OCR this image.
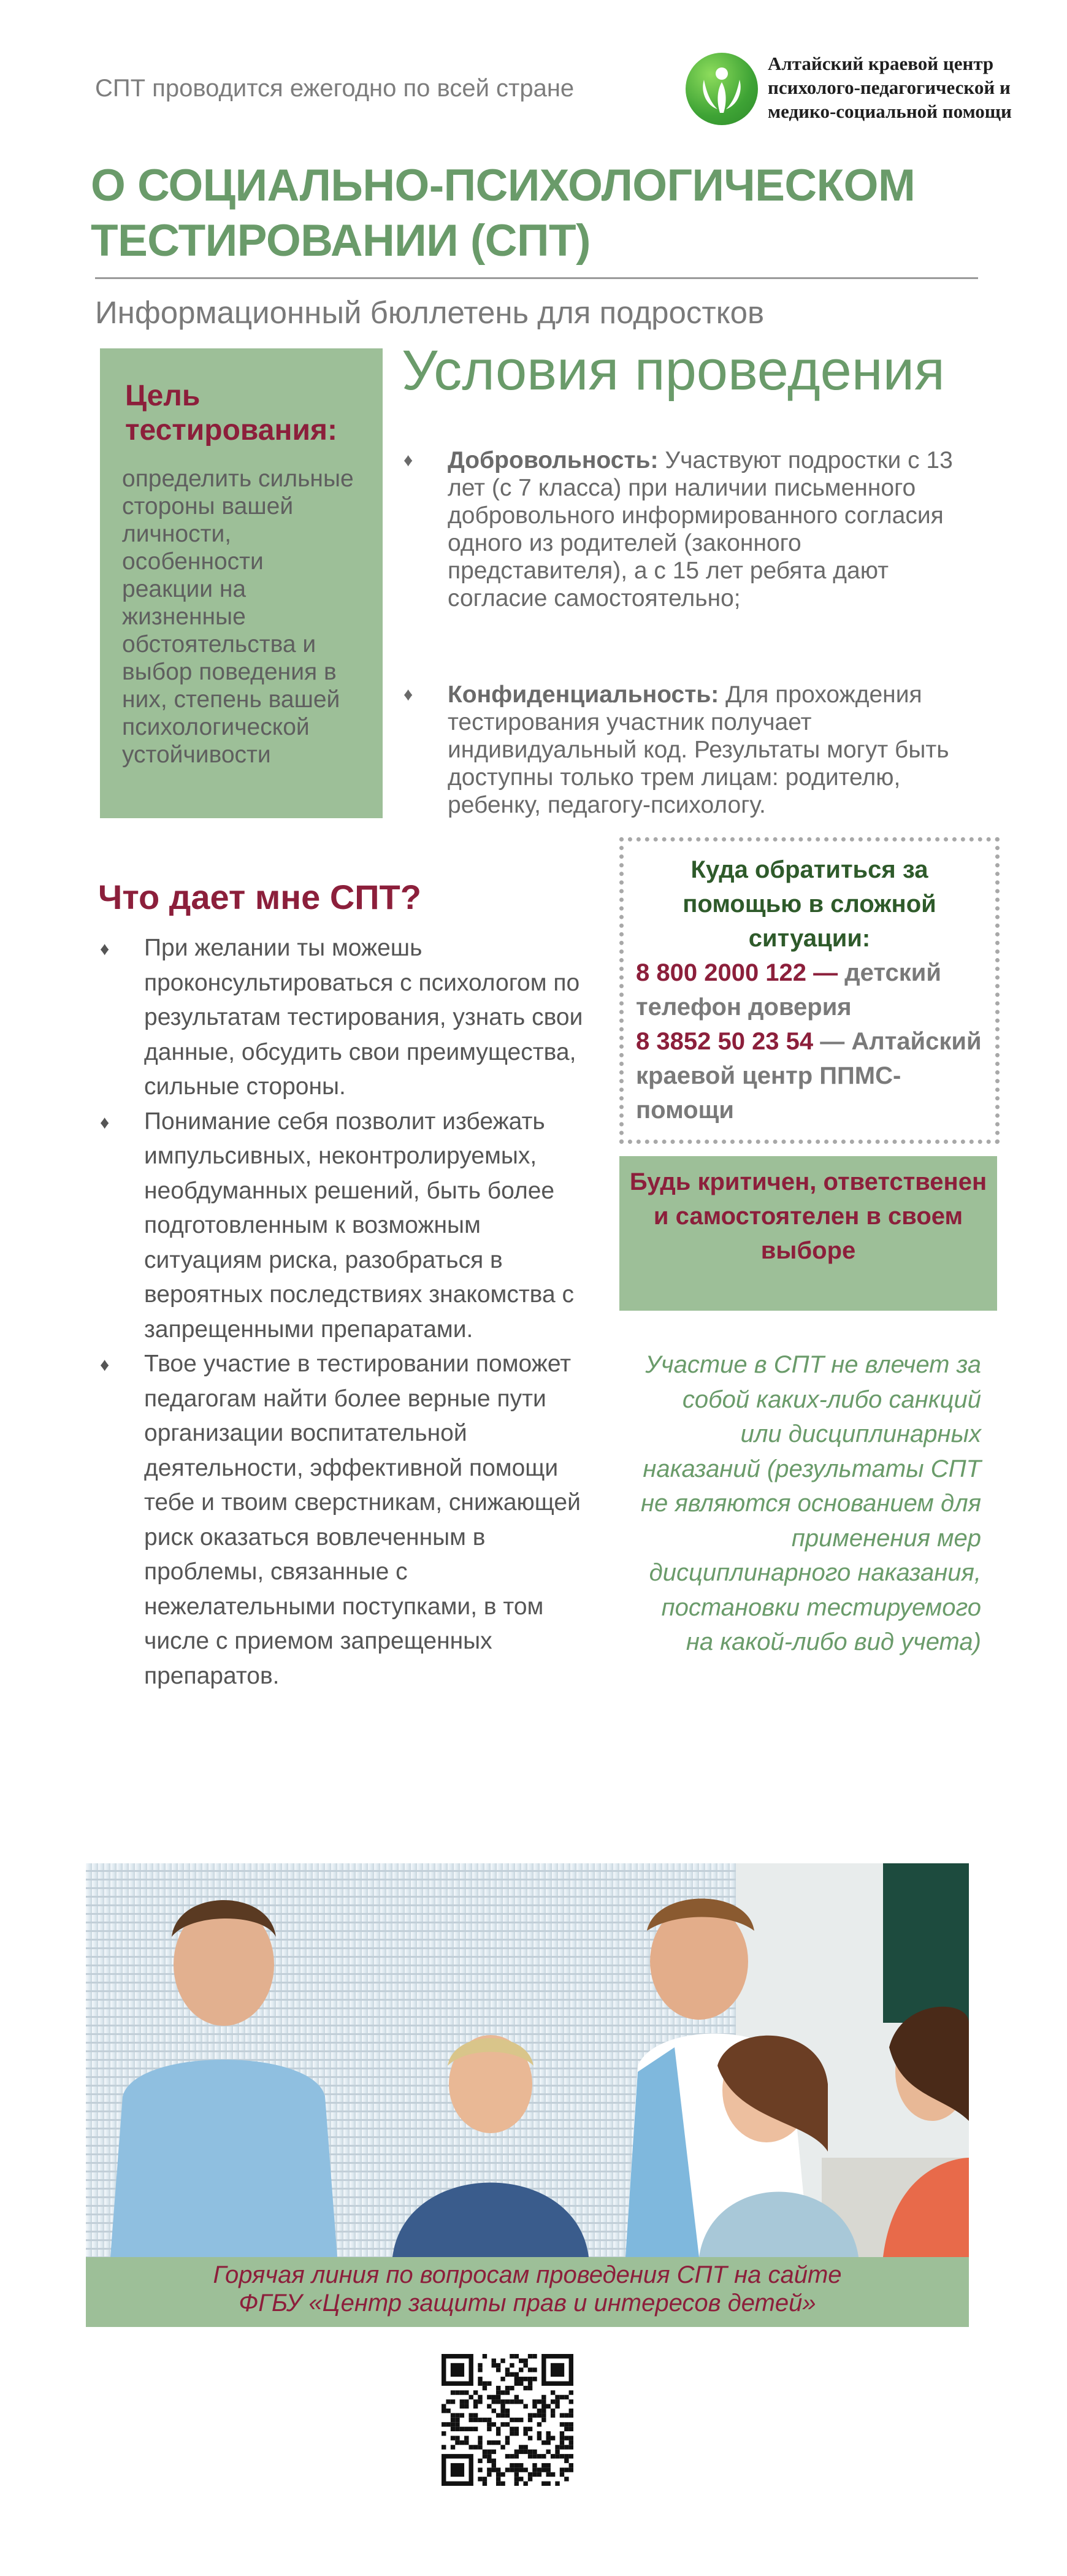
СПТ проводится ежегодно по всей стране
Алтайский краевой центр
психолого-педагогической и
медико-социальной помощи
О СОЦИАЛЬНО-ПСИХОЛОГИЧЕСКОМ
ТЕСТИРОВАНИИ (СПТ)
Информационный бюллетень для подростков
Цель тестирования:
определить сильные стороны вашей личности, особенности реакции на жизненные обстоятельства и выбор поведения в них, степень вашей психологической устойчивости
Условия проведения
♦ Добровольность: Участвуют подростки с 13 лет (с 7 класса) при наличии письменного добровольного информированного согласия одного из родителей (законного представителя), а с 15 лет ребята дают согласие самостоятельно;
♦ Конфиденциальность: Для прохождения тестирования участник получает индивидуальный код. Результаты могут быть доступны только трем лицам: родителю, ребенку, педагогу-психологу.
Что дает мне СПТ?
♦ При желании ты можешь проконсультироваться с психологом по результатам тестирования, узнать свои данные, обсудить свои преимущества, сильные стороны.
♦ Понимание себя позволит избежать импульсивных, неконтролируемых, необдуманных решений, быть более подготовленным к возможным ситуациям риска, разобраться в вероятных последствиях знакомства с запрещенными препаратами.
♦ Твое участие в тестировании поможет педагогам найти более верные пути организации воспитательной деятельности, эффективной помощи тебе и твоим сверстникам, снижающей риск оказаться вовлеченным в проблемы, связанные с нежелательными поступками, в том числе с приемом запрещенных препаратов.
Куда обратиться за помощью в сложной ситуации:
8 800 2000 122 — детский телефон доверия
8 3852 50 23 54 — Алтайский краевой центр ППМС-помощи
Будь критичен, ответственен и самостоятелен в своем выборе
Участие в СПТ не влечет за собой каких-либо санкций или дисциплинарных наказаний (результаты СПТ не являются основанием для применения мер дисциплинарного наказания, постановки тестируемого на какой-либо вид учета)
Горячая линия по вопросам проведения СПТ на сайте
ФГБУ «Центр защиты прав и интересов детей»
